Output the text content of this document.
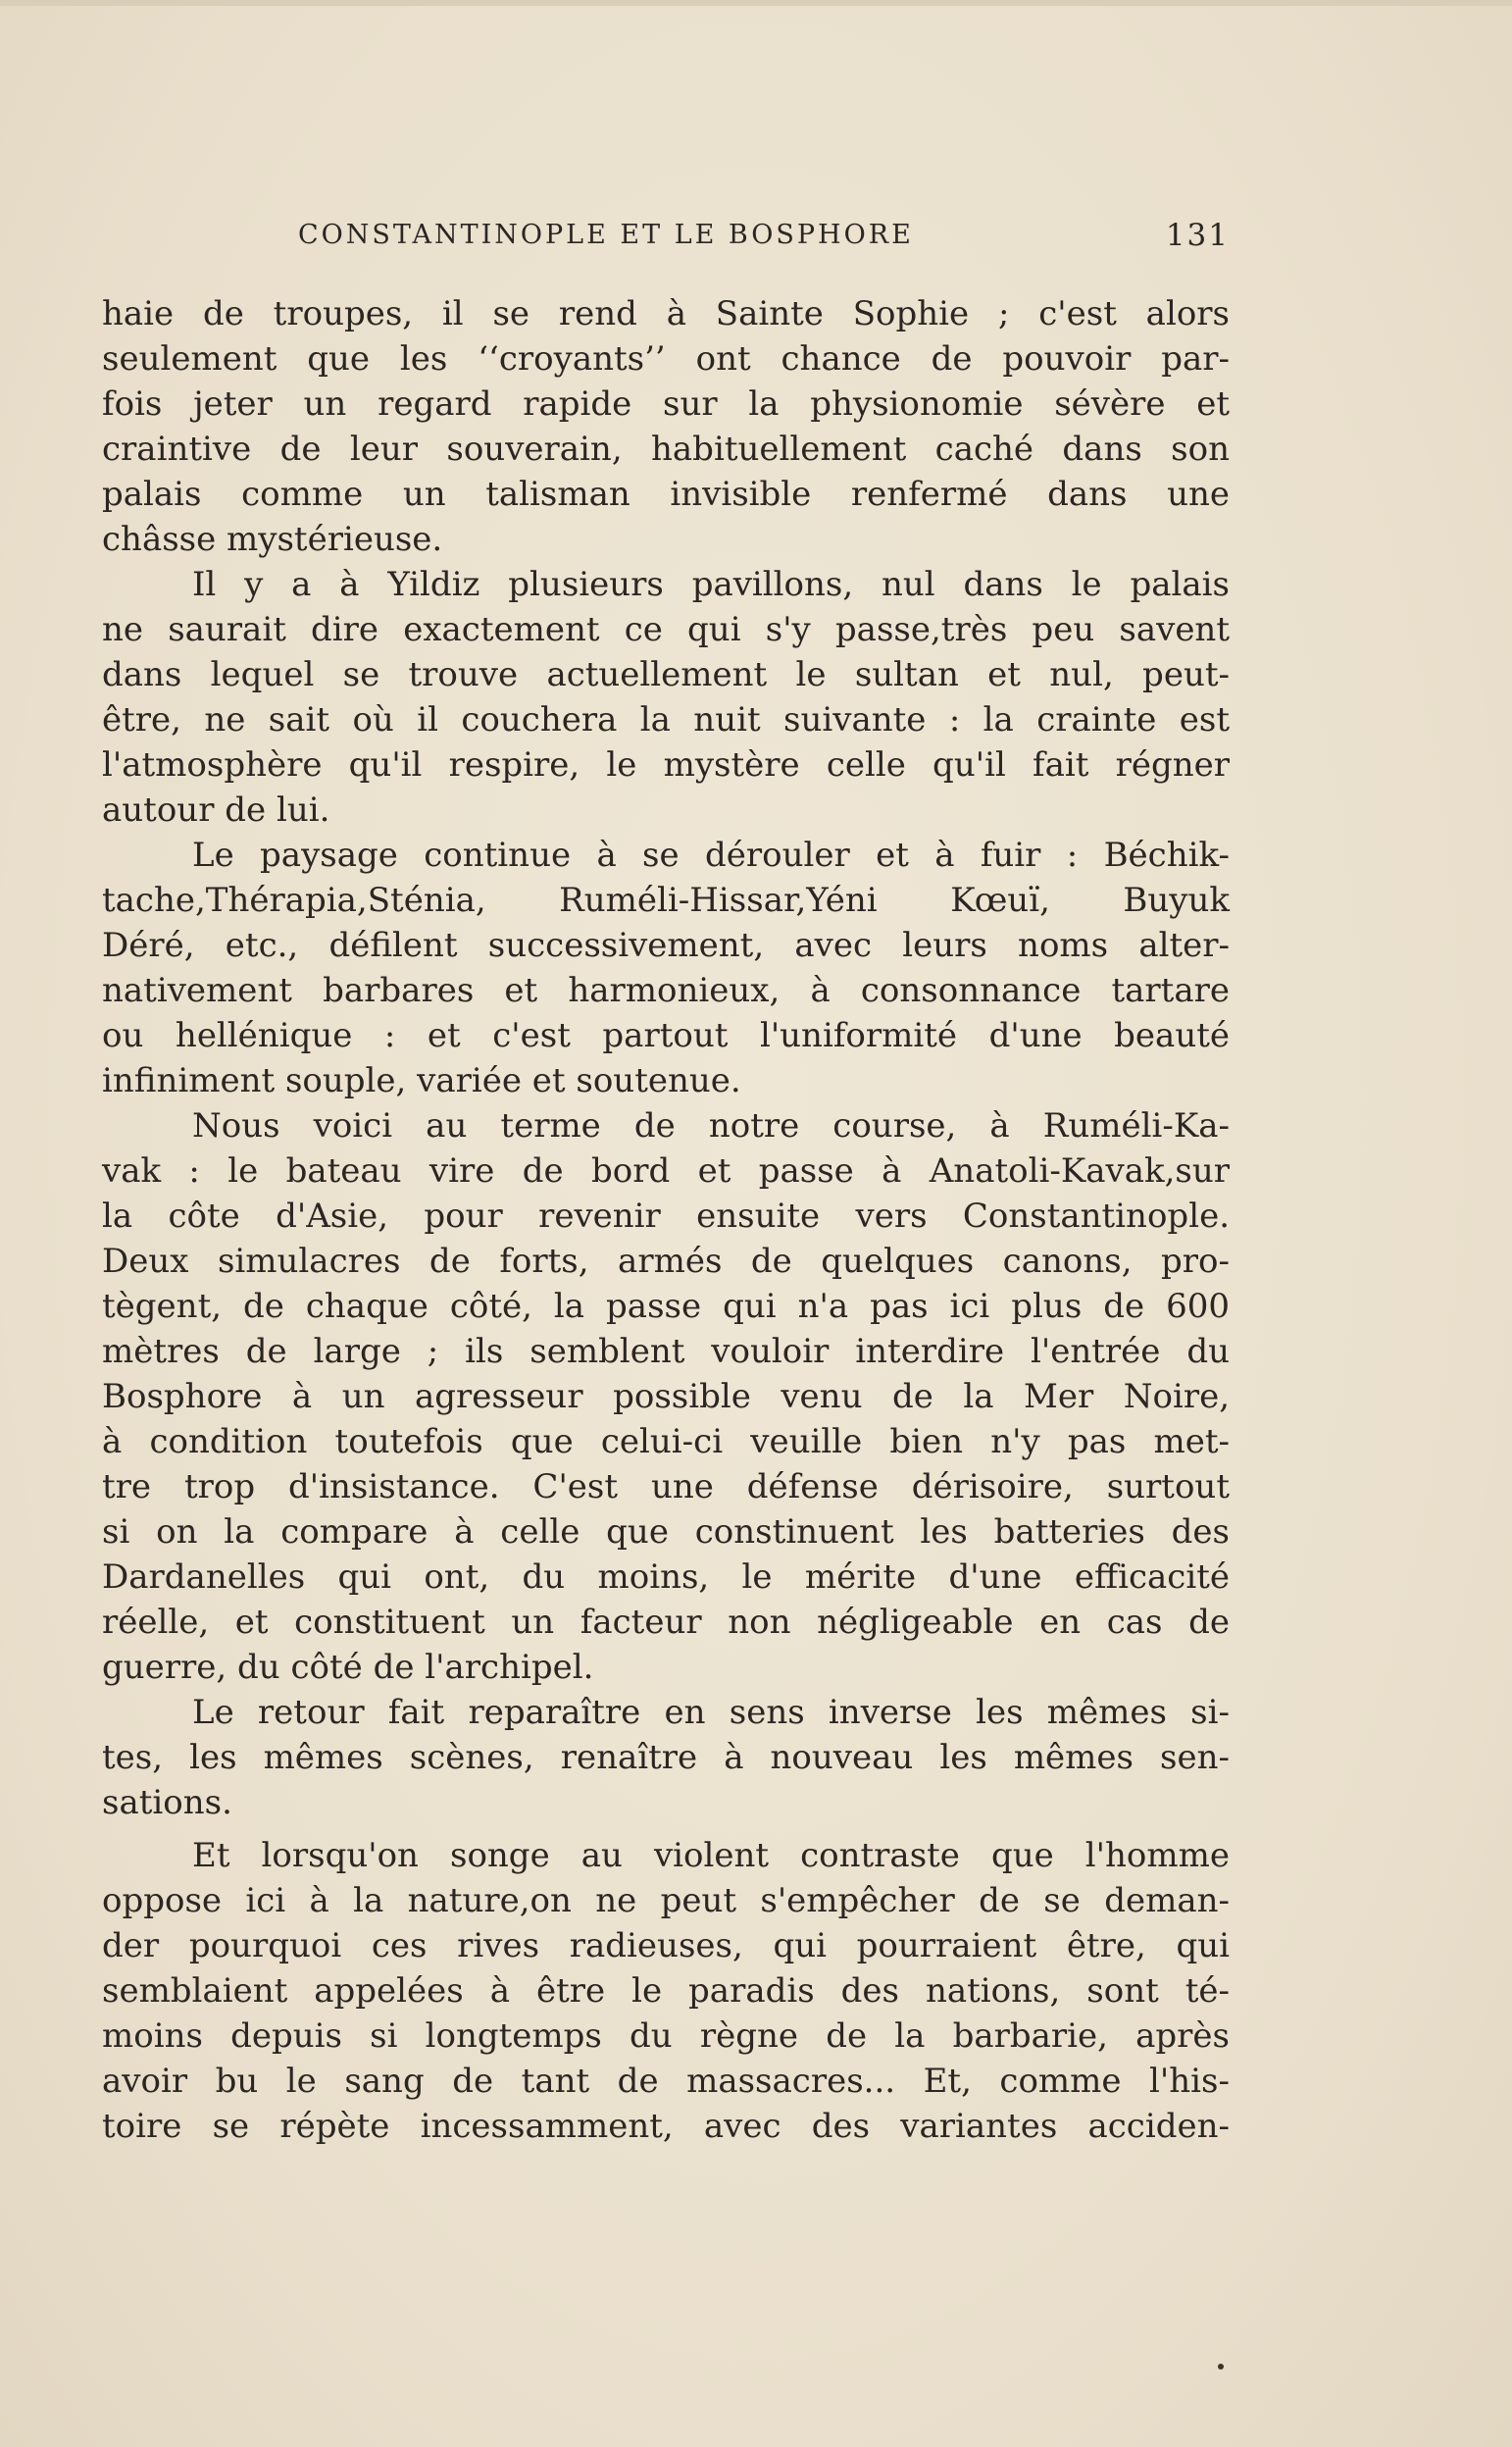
CONSTANTINOPLE ET LE BOSPHORE	131
haie de troupes, il se rend à Sainte Sophie ; c'est alors
seulement que les ‘‘croyants’’ ont chance de pouvoir par-
fois jeter un regard rapide sur la physionomie sévère et
craintive de leur souverain, habituellement caché dans son
palais comme un talisman invisible renfermé dans une
châsse mystérieuse.
Il y a à Yildiz plusieurs pavillons, nul dans le palais
ne saurait dire exactement ce qui s'y passe,très peu savent
dans lequel se trouve actuellement le sultan et nul, peut-
être, ne sait où il couchera la nuit suivante : la crainte est
l'atmosphère qu'il respire, le mystère celle qu'il fait régner
autour de lui.
Le paysage continue à se dérouler et à fuir : Béchik-
tache,Thérapia,Sténia, Ruméli-Hissar,Yéni Kœuï, Buyuk
Déré, etc., défilent successivement, avec leurs noms alter-
nativement barbares et harmonieux, à consonnance tartare
ou hellénique : et c'est partout l'uniformité d'une beauté
infiniment souple, variée et soutenue.
Nous voici au terme de notre course, à Ruméli-Ka-
vak : le bateau vire de bord et passe à Anatoli-Kavak,sur
la côte d'Asie, pour revenir ensuite vers Constantinople.
Deux simulacres de forts, armés de quelques canons, pro-
tègent, de chaque côté, la passe qui n'a pas ici plus de 600
mètres de large ; ils semblent vouloir interdire l'entrée du
Bosphore à un agresseur possible venu de la Mer Noire,
à condition toutefois que celui-ci veuille bien n'y pas met-
tre trop d'insistance. C'est une défense dérisoire, surtout
si on la compare à celle que constinuent les batteries des
Dardanelles qui ont, du moins, le mérite d'une efficacité
réelle, et constituent un facteur non négligeable en cas de
guerre, du côté de l'archipel.
Le retour fait reparaître en sens inverse les mêmes si-
tes, les mêmes scènes, renaître à nouveau les mêmes sen-
sations.
Et lorsqu'on songe au violent contraste que l'homme
oppose ici à la nature,on ne peut s'empêcher de se deman-
der pourquoi ces rives radieuses, qui pourraient être, qui
semblaient appelées à être le paradis des nations, sont té-
moins depuis si longtemps du règne de la barbarie, après
avoir bu le sang de tant de massacres... Et, comme l'his-
toire se répète incessamment, avec des variantes acciden-
